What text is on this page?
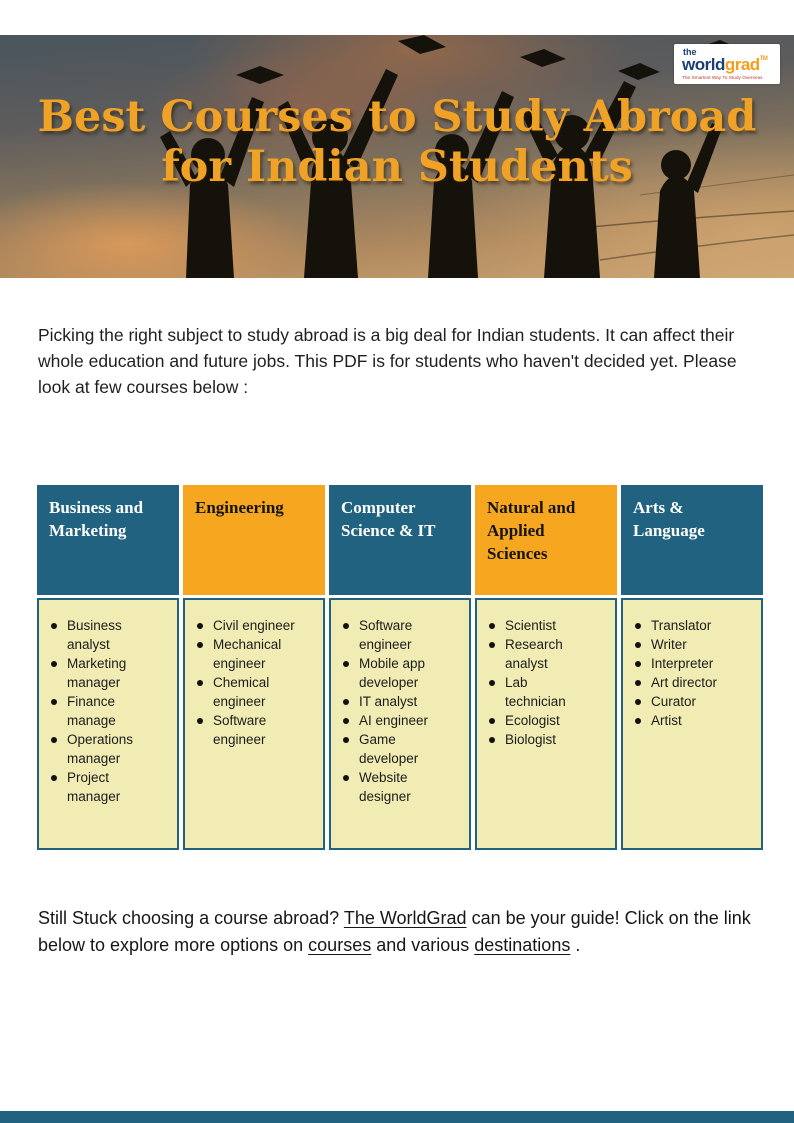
Best Courses to Study Abroad
for Indian Students
the
worldgrad™
The Smartest Way To Study Overseas

Picking the right subject to study abroad is a big deal for Indian students. It can affect their whole education and future jobs. This PDF is for students who haven't decided yet. Please look at few courses below :

Business and Marketing
Business analyst
Marketing manager
Finance manage
Operations manager
Project manager
Engineering
Civil engineer
Mechanical engineer
Chemical engineer
Software engineer
Computer Science & IT
Software engineer
Mobile app developer
IT analyst
AI engineer
Game developer
Website designer
Natural and Applied Sciences
Scientist
Research analyst
Lab technician
Ecologist
Biologist
Arts & Language
Translator
Writer
Interpreter
Art director
Curator
Artist

Still Stuck choosing a course abroad? The WorldGrad can be your guide! Click on the link below to explore more options on courses and various destinations .
